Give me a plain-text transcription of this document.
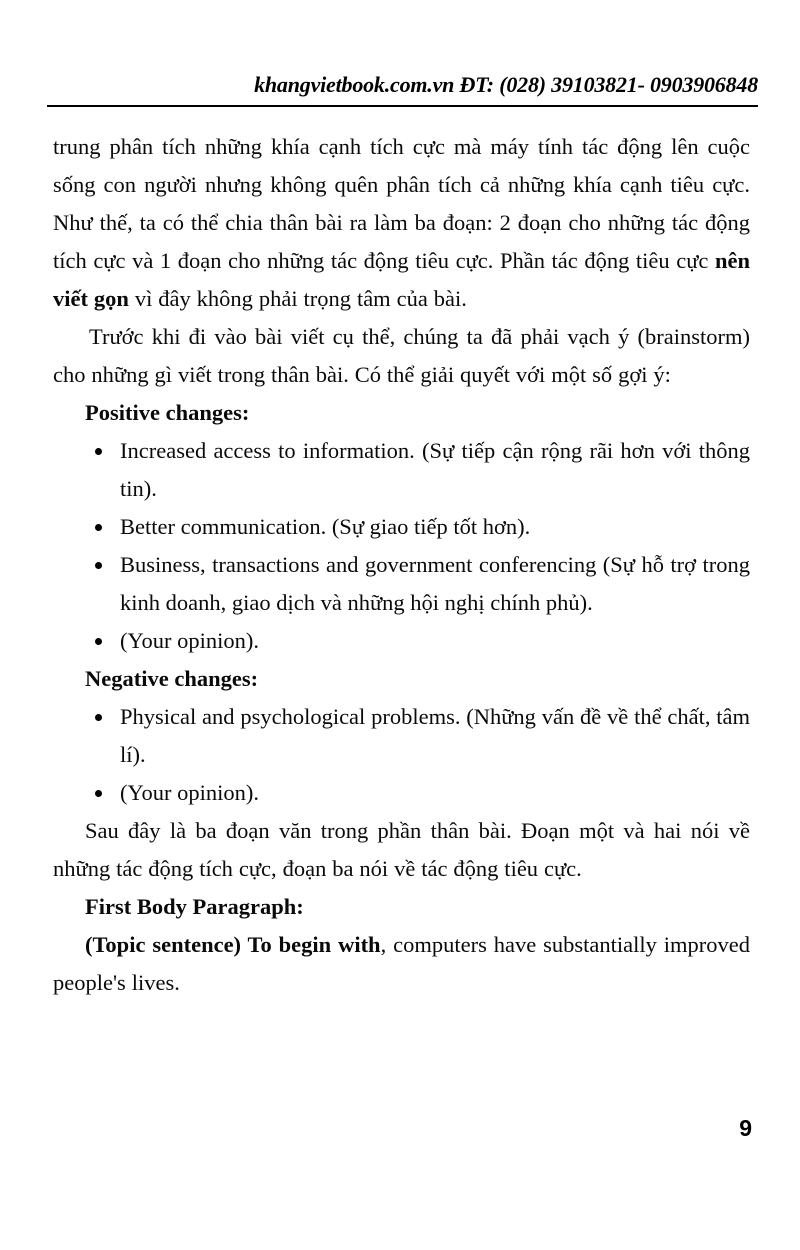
khangvietbook.com.vn ĐT: (028) 39103821- 0903906848

trung phân tích những khía cạnh tích cực mà máy tính tác động lên cuộc sống con người nhưng không quên phân tích cả những khía cạnh tiêu cực. Như thế, ta có thể chia thân bài ra làm ba đoạn: 2 đoạn cho những tác động tích cực và 1 đoạn cho những tác động tiêu cực. Phần tác động tiêu cực nên viết gọn vì đây không phải trọng tâm của bài.

Trước khi đi vào bài viết cụ thể, chúng ta đã phải vạch ý (brainstorm) cho những gì viết trong thân bài. Có thể giải quyết với một số gợi ý:

Positive changes:
Increased access to information. (Sự tiếp cận rộng rãi hơn với thông tin).
Better communication. (Sự giao tiếp tốt hơn).
Business, transactions and government conferencing (Sự hỗ trợ trong kinh doanh, giao dịch và những hội nghị chính phủ).
(Your opinion).
Negative changes:
Physical and psychological problems. (Những vấn đề về thể chất, tâm lí).
(Your opinion).

Sau đây là ba đoạn văn trong phần thân bài. Đoạn một và hai nói về những tác động tích cực, đoạn ba nói về tác động tiêu cực.

First Body Paragraph:

(Topic sentence) To begin with, computers have substantially improved people's lives.

9
